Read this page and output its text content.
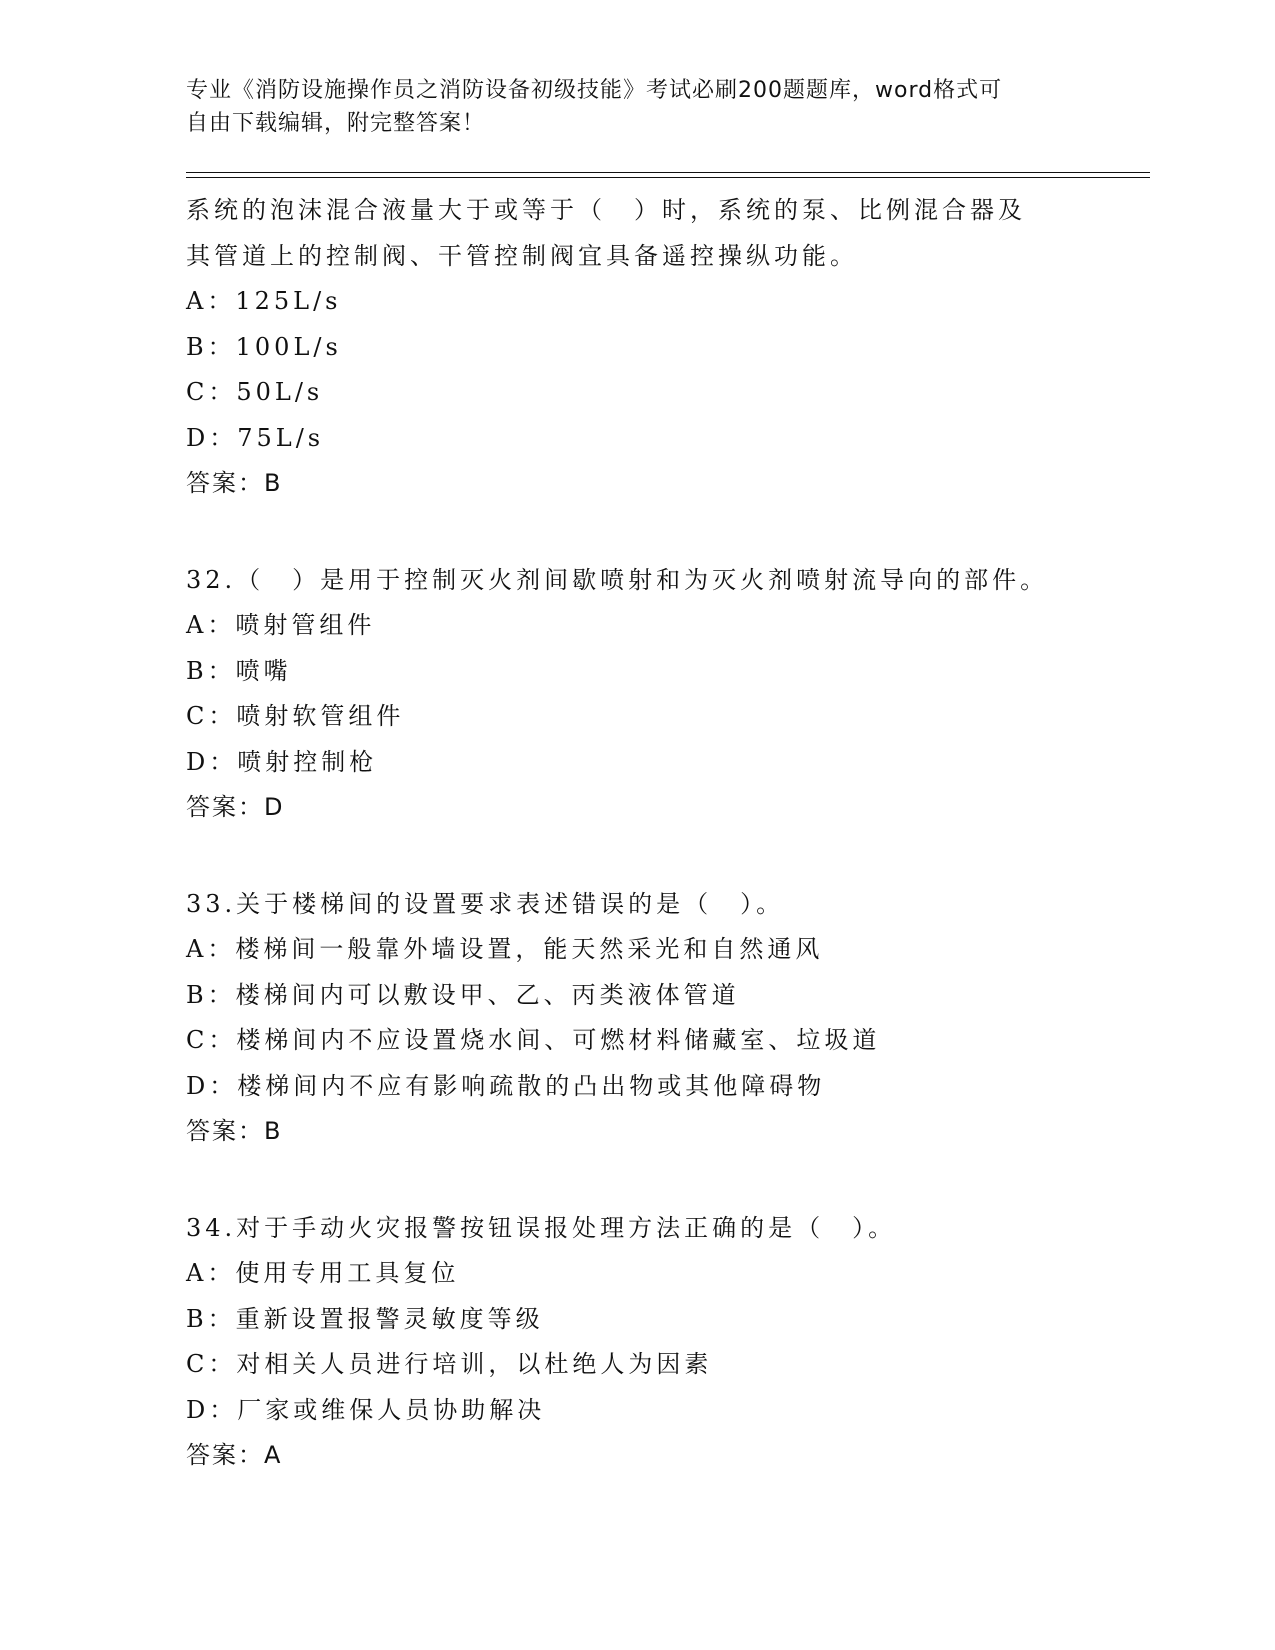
专业《消防设施操作员之消防设备初级技能》考试必刷200题题库，word格式可
自由下载编辑，附完整答案！
系统的泡沫混合液量大于或等于（　）时，系统的泵、比例混合器及
其管道上的控制阀、干管控制阀宜具备遥控操纵功能。
A：125L/s
B：100L/s
C：50L/s
D：75L/s
答案：B
32.（　）是用于控制灭火剂间歇喷射和为灭火剂喷射流导向的部件。
A：喷射管组件
B：喷嘴
C：喷射软管组件
D：喷射控制枪
答案：D
33.关于楼梯间的设置要求表述错误的是（　）。
A：楼梯间一般靠外墙设置，能天然采光和自然通风
B：楼梯间内可以敷设甲、乙、丙类液体管道
C：楼梯间内不应设置烧水间、可燃材料储藏室、垃圾道
D：楼梯间内不应有影响疏散的凸出物或其他障碍物
答案：B
34.对于手动火灾报警按钮误报处理方法正确的是（　）。
A：使用专用工具复位
B：重新设置报警灵敏度等级
C：对相关人员进行培训，以杜绝人为因素
D：厂家或维保人员协助解决
答案：A
